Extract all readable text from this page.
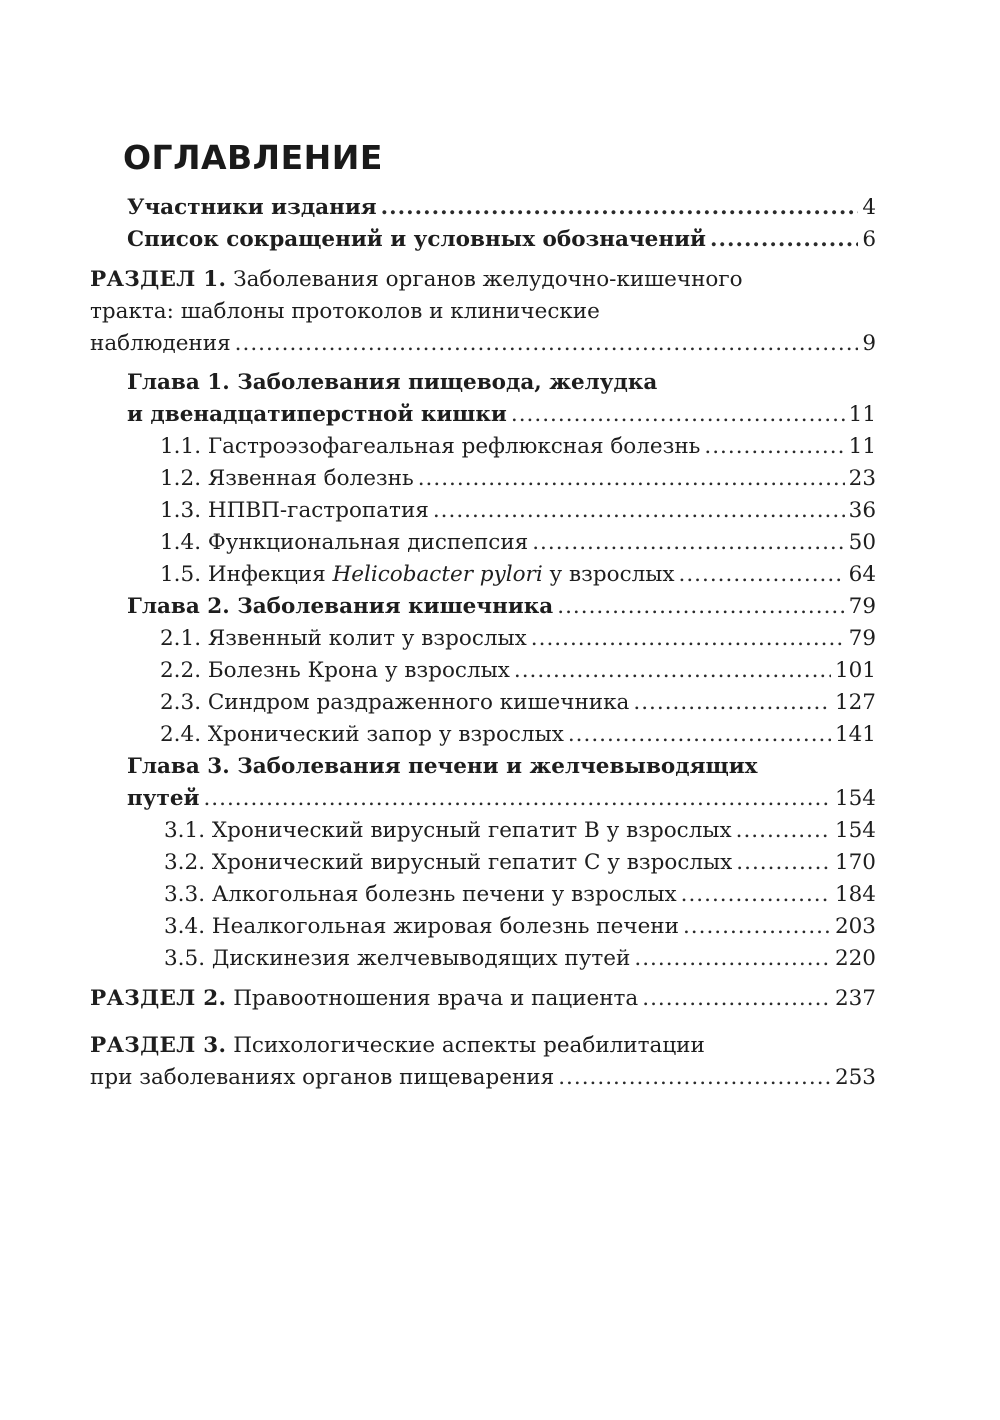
ОГЛАВЛЕНИЕ
Участники издания .....	4
Список сокращений и условных обозначений .....	6
РАЗДЕЛ 1. Заболевания органов желудочно-кишечного
тракта: шаблоны протоколов и клинические
наблюдения .....	9
Глава 1. Заболевания пищевода, желудка
и двенадцатиперстной кишки .....	11
1.1. Гастроэзофагеальная рефлюксная болезнь .....	11
1.2. Язвенная болезнь .....	23
1.3. НПВП-гастропатия .....	36
1.4. Функциональная диспепсия .....	50
1.5. Инфекция
Helicobacter pylori
у взрослых .....	64
Глава 2. Заболевания кишечника .....	79
2.1. Язвенный колит у взрослых .....	79
2.2. Болезнь Крона у взрослых .....	101
2.3. Синдром раздраженного кишечника .....	127
2.4. Хронический запор у взрослых .....	141
Глава 3. Заболевания печени и желчевыводящих
путей .....	154
3.1. Хронический вирусный гепатит В у взрослых .....	154
3.2. Хронический вирусный гепатит С у взрослых .....	170
3.3. Алкогольная болезнь печени у взрослых .....	184
3.4. Неалкогольная жировая болезнь печени .....	203
3.5. Дискинезия желчевыводящих путей .....	220
РАЗДЕЛ 2.
Правоотношения врача и пациента .....	237
РАЗДЕЛ 3. Психологические аспекты реабилитации
при заболеваниях органов пищеварения .....	253
